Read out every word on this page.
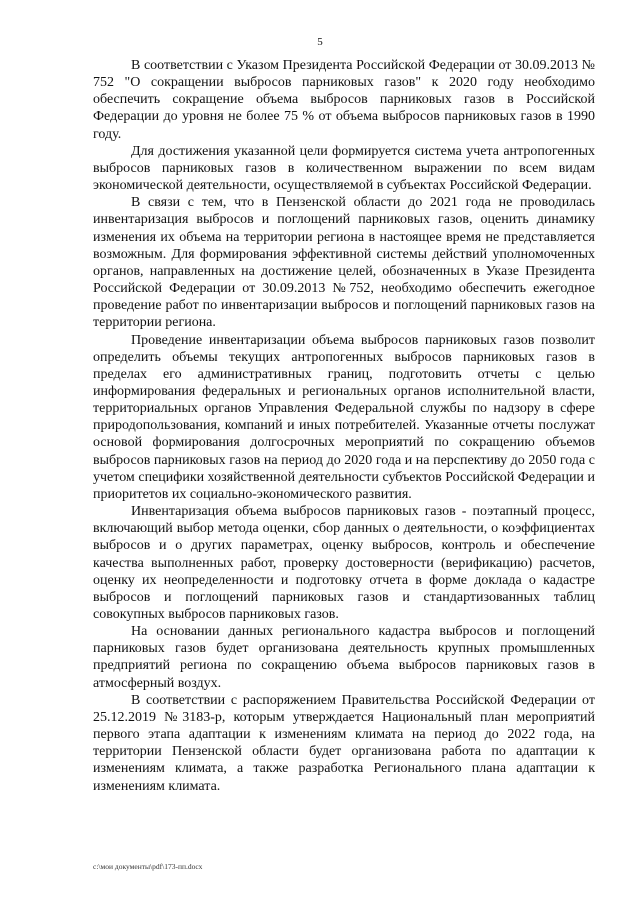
5

В соответствии с Указом Президента Российской Федерации от 30.09.2013 № 752 "О сокращении выбросов парниковых газов" к 2020 году необходимо обеспечить сокращение объема выбросов парниковых газов в Российской Федерации до уровня не более 75 % от объема выбросов парниковых газов в 1990 году.

Для достижения указанной цели формируется система учета антропогенных выбросов парниковых газов в количественном выражении по всем видам экономической деятельности, осуществляемой в субъектах Российской Федерации.

В связи с тем, что в Пензенской области до 2021 года не проводилась инвентаризация выбросов и поглощений парниковых газов, оценить динамику изменения их объема на территории региона в настоящее время не представляется возможным. Для формирования эффективной системы действий уполномоченных органов, направленных на достижение целей, обозначенных в Указе Президента Российской Федерации от 30.09.2013 №752, необходимо обеспечить ежегодное проведение работ по инвентаризации выбросов и поглощений парниковых газов на территории региона.

Проведение инвентаризации объема выбросов парниковых газов позволит определить объемы текущих антропогенных выбросов парниковых газов в пределах его административных границ, подготовить отчеты с целью информирования федеральных и региональных органов исполнительной власти, территориальных органов Управления Федеральной службы по надзору в сфере природопользования, компаний и иных потребителей. Указанные отчеты послужат основой формирования долгосрочных мероприятий по сокращению объемов выбросов парниковых газов на период до 2020 года и на перспективу до 2050 года с учетом специфики хозяйственной деятельности субъектов Российской Федерации и приоритетов их социально-экономического развития.

Инвентаризация объема выбросов парниковых газов - поэтапный процесс, включающий выбор метода оценки, сбор данных о деятельности, о коэффициентах выбросов и о других параметрах, оценку выбросов, контроль и обеспечение качества выполненных работ, проверку достоверности (верификацию) расчетов, оценку их неопределенности и подготовку отчета в форме доклада о кадастре выбросов и поглощений парниковых газов и стандартизованных таблиц совокупных выбросов парниковых газов.

На основании данных регионального кадастра выбросов и поглощений парниковых газов будет организована деятельность крупных промышленных предприятий региона по сокращению объема выбросов парниковых газов в атмосферный воздух.

В соответствии с распоряжением Правительства Российской Федерации от 25.12.2019 №3183-р, которым утверждается Национальный план мероприятий первого этапа адаптации к изменениям климата на период до 2022 года, на территории Пензенской области будет организована работа по адаптации к изменениям климата, а также разработка Регионального плана адаптации к изменениям климата.

c:\мои документы\pdf\173-пп.docx
